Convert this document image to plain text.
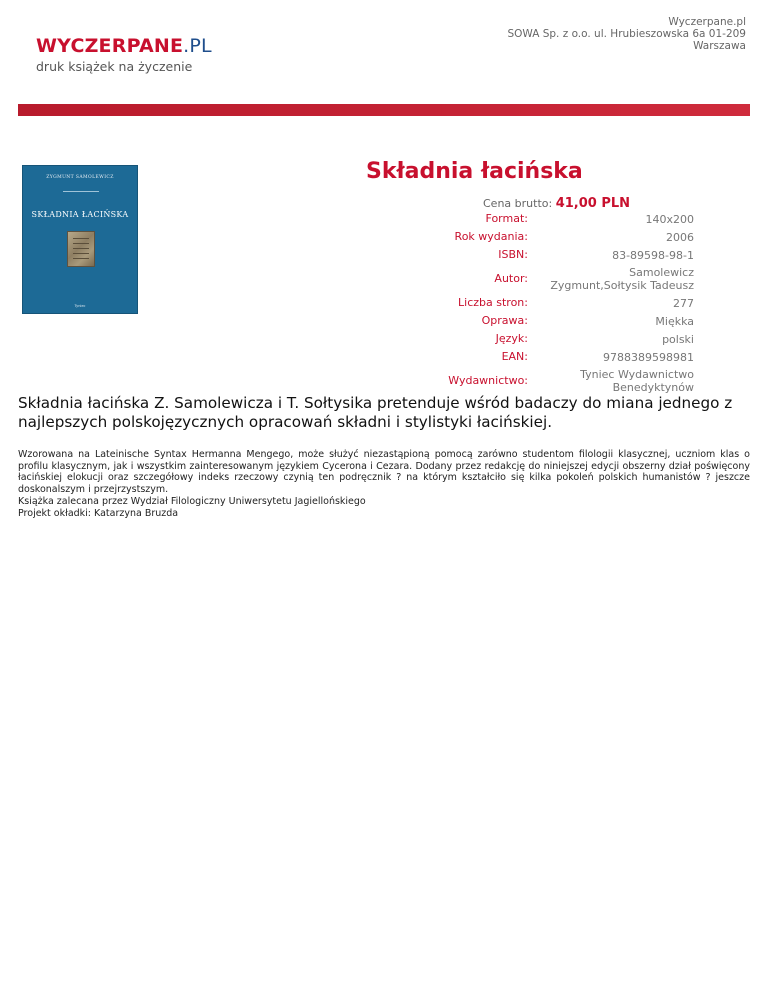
WYCZERPANE.PL
druk książek na życzenie
Wyczerpane.pl
SOWA Sp. z o.o. ul. Hrubieszowska 6a 01-209
Warszawa
ZYGMUNT SAMOLEWICZ
SKŁADNIA ŁACIŃSKA
Tyniec
Składnia łacińska
Cena brutto: 41,00 PLN
Format:	140x200
Rok wydania:	2006
ISBN:	83-89598-98-1
Autor:	Samolewicz Zygmunt,Sołtysik Tadeusz
Liczba stron:	277
Oprawa:	Miękka
Język:	polski
EAN:	9788389598981
Wydawnictwo:	Tyniec Wydawnictwo Benedyktynów
Składnia łacińska Z. Samolewicza i T. Sołtysika pretenduje wśród badaczy do miana jednego z najlepszych polskojęzycznych opracowań składni i stylistyki łacińskiej.

Wzorowana na Lateinische Syntax Hermanna Mengego, może służyć niezastąpioną pomocą zarówno studentom filologii klasycznej, uczniom klas o profilu klasycznym, jak i wszystkim zainteresowanym językiem Cycerona i Cezara. Dodany przez redakcję do niniejszej edycji obszerny dział poświęcony łacińskiej elokucji oraz szczegółowy indeks rzeczowy czynią ten podręcznik ? na którym kształciło się kilka pokoleń polskich humanistów ? jeszcze doskonalszym i przejrzystszym.

Książka zalecana przez Wydział Filologiczny Uniwersytetu Jagiellońskiego

Projekt okładki: Katarzyna Bruzda
